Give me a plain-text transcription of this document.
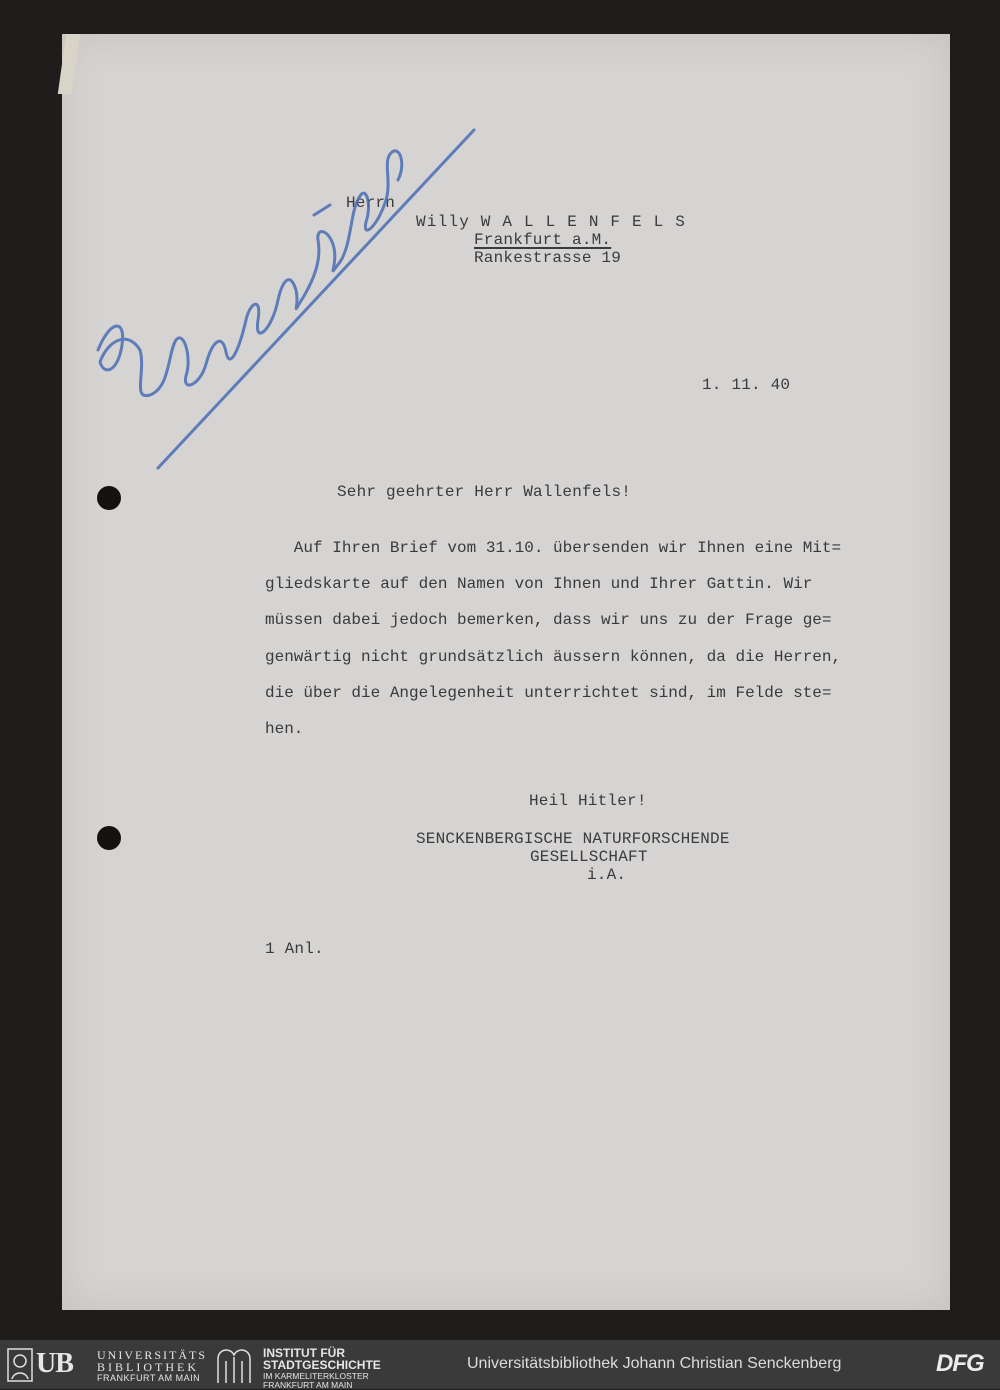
Herrn
Willy W A L L E N F E L S
Frankfurt a.M.
Rankestrasse 19
1. 11. 40
Sehr geehrter Herr Wallenfels!
Auf Ihren Brief vom 31.10. übersenden wir Ihnen eine Mit=
gliedskarte auf den Namen von Ihnen und Ihrer Gattin. Wir
müssen dabei jedoch bemerken, dass wir uns zu der Frage ge=
genwärtig nicht grundsätzlich äussern können, da die Herren,
die über die Angelegenheit unterrichtet sind, im Felde ste=
hen.
Heil Hitler!
SENCKENBERGISCHE NATURFORSCHENDE
GESELLSCHAFT
i.A.
1 Anl.
UB UNIVERSITÄTS
BIBLIOTHEK
FRANKFURT AM MAIN
INSTITUT FÜR
STADTGESCHICHTE
IM KARMELITERKLOSTER
FRANKFURT AM MAIN
Universitätsbibliothek Johann Christian Senckenberg	DFG
